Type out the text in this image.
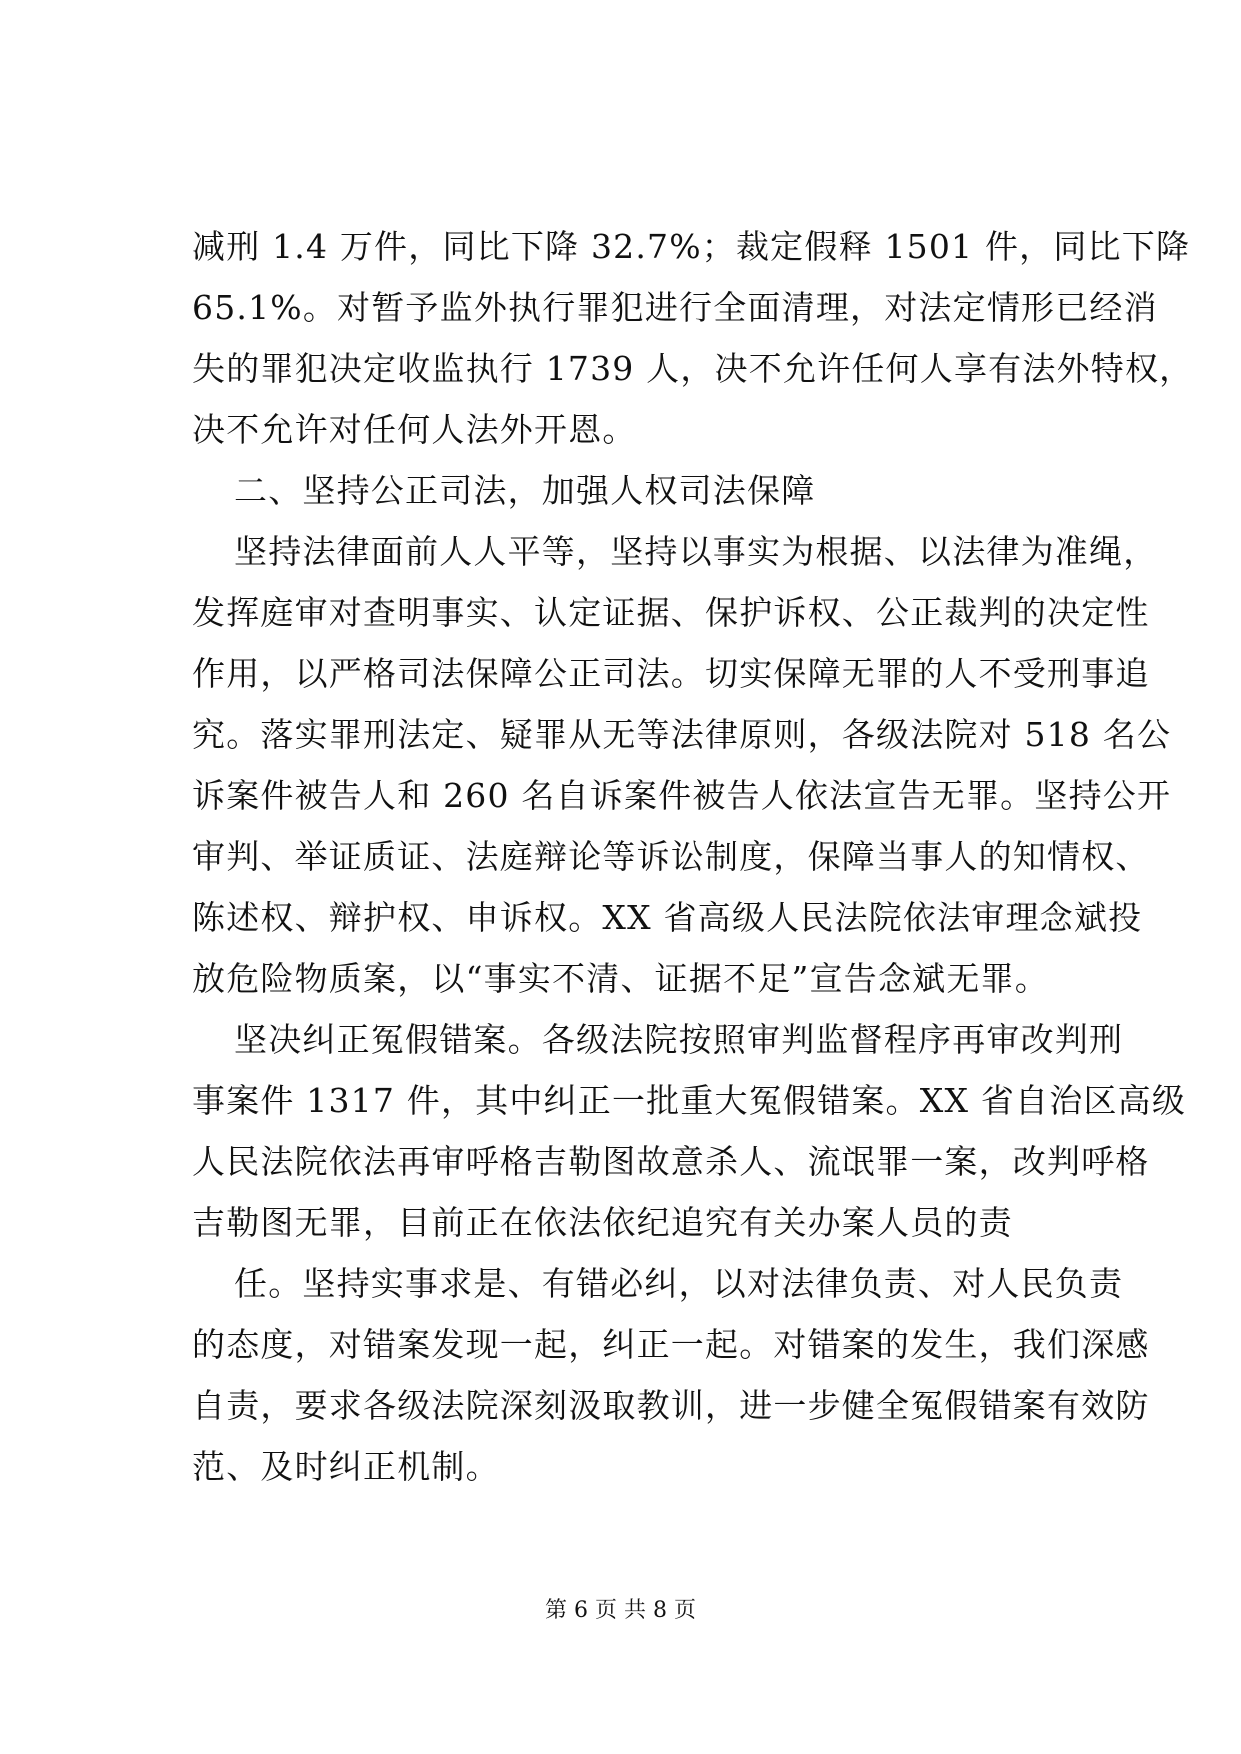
减刑 1.4 万件，同比下降 32.7%；裁定假释 1501 件，同比下降
65.1%。对暂予监外执行罪犯进行全面清理，对法定情形已经消
失的罪犯决定收监执行 1739 人，决不允许任何人享有法外特权，
决不允许对任何人法外开恩。

二、坚持公正司法，加强人权司法保障

坚持法律面前人人平等，坚持以事实为根据、以法律为准绳，
发挥庭审对查明事实、认定证据、保护诉权、公正裁判的决定性
作用，以严格司法保障公正司法。切实保障无罪的人不受刑事追
究。落实罪刑法定、疑罪从无等法律原则，各级法院对 518 名公
诉案件被告人和 260 名自诉案件被告人依法宣告无罪。坚持公开
审判、举证质证、法庭辩论等诉讼制度，保障当事人的知情权、
陈述权、辩护权、申诉权。XX 省高级人民法院依法审理念斌投
放危险物质案，以“事实不清、证据不足”宣告念斌无罪。

坚决纠正冤假错案。各级法院按照审判监督程序再审改判刑
事案件 1317 件，其中纠正一批重大冤假错案。XX 省自治区高级
人民法院依法再审呼格吉勒图故意杀人、流氓罪一案，改判呼格
吉勒图无罪，目前正在依法依纪追究有关办案人员的责

任。坚持实事求是、有错必纠，以对法律负责、对人民负责
的态度，对错案发现一起，纠正一起。对错案的发生，我们深感
自责，要求各级法院深刻汲取教训，进一步健全冤假错案有效防
范、及时纠正机制。

第 6 页 共 8 页
